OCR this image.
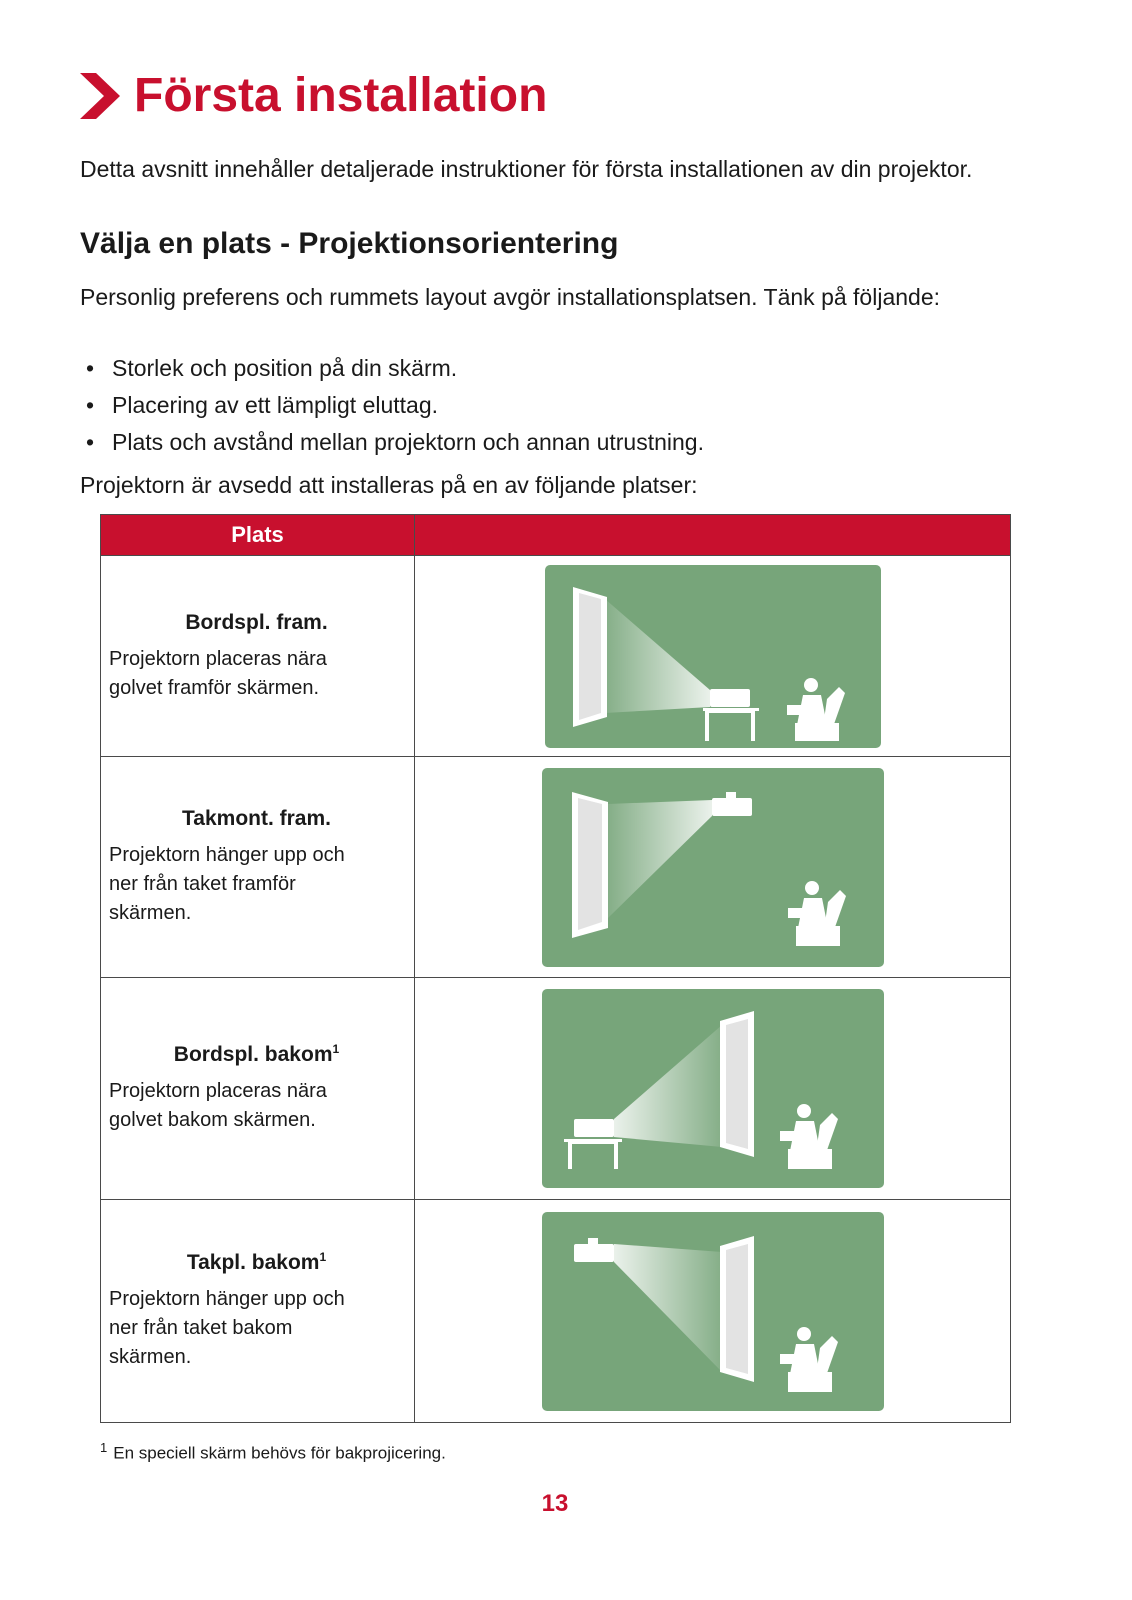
Första installation

Detta avsnitt innehåller detaljerade instruktioner för första installationen av din projektor.

Välja en plats - Projektionsorientering

Personlig preferens och rummets layout avgör installationsplatsen. Tänk på följande:

• Storlek och position på din skärm.
• Placering av ett lämpligt eluttag.
• Plats och avstånd mellan projektorn och annan utrustning.

Projektorn är avsedd att installeras på en av följande platser:

Plats	

Bordspl. fram.
Projektorn placeras nära golvet framför skärmen.

Takmont. fram.
Projektorn hänger upp och ner från taket framför skärmen.

Bordspl. bakom$^1$
Projektorn placeras nära golvet bakom skärmen.

Takpl. bakom$^1$
Projektorn hänger upp och ner från taket bakom skärmen.

$^1$ En speciell skärm behövs för bakprojicering.

13
